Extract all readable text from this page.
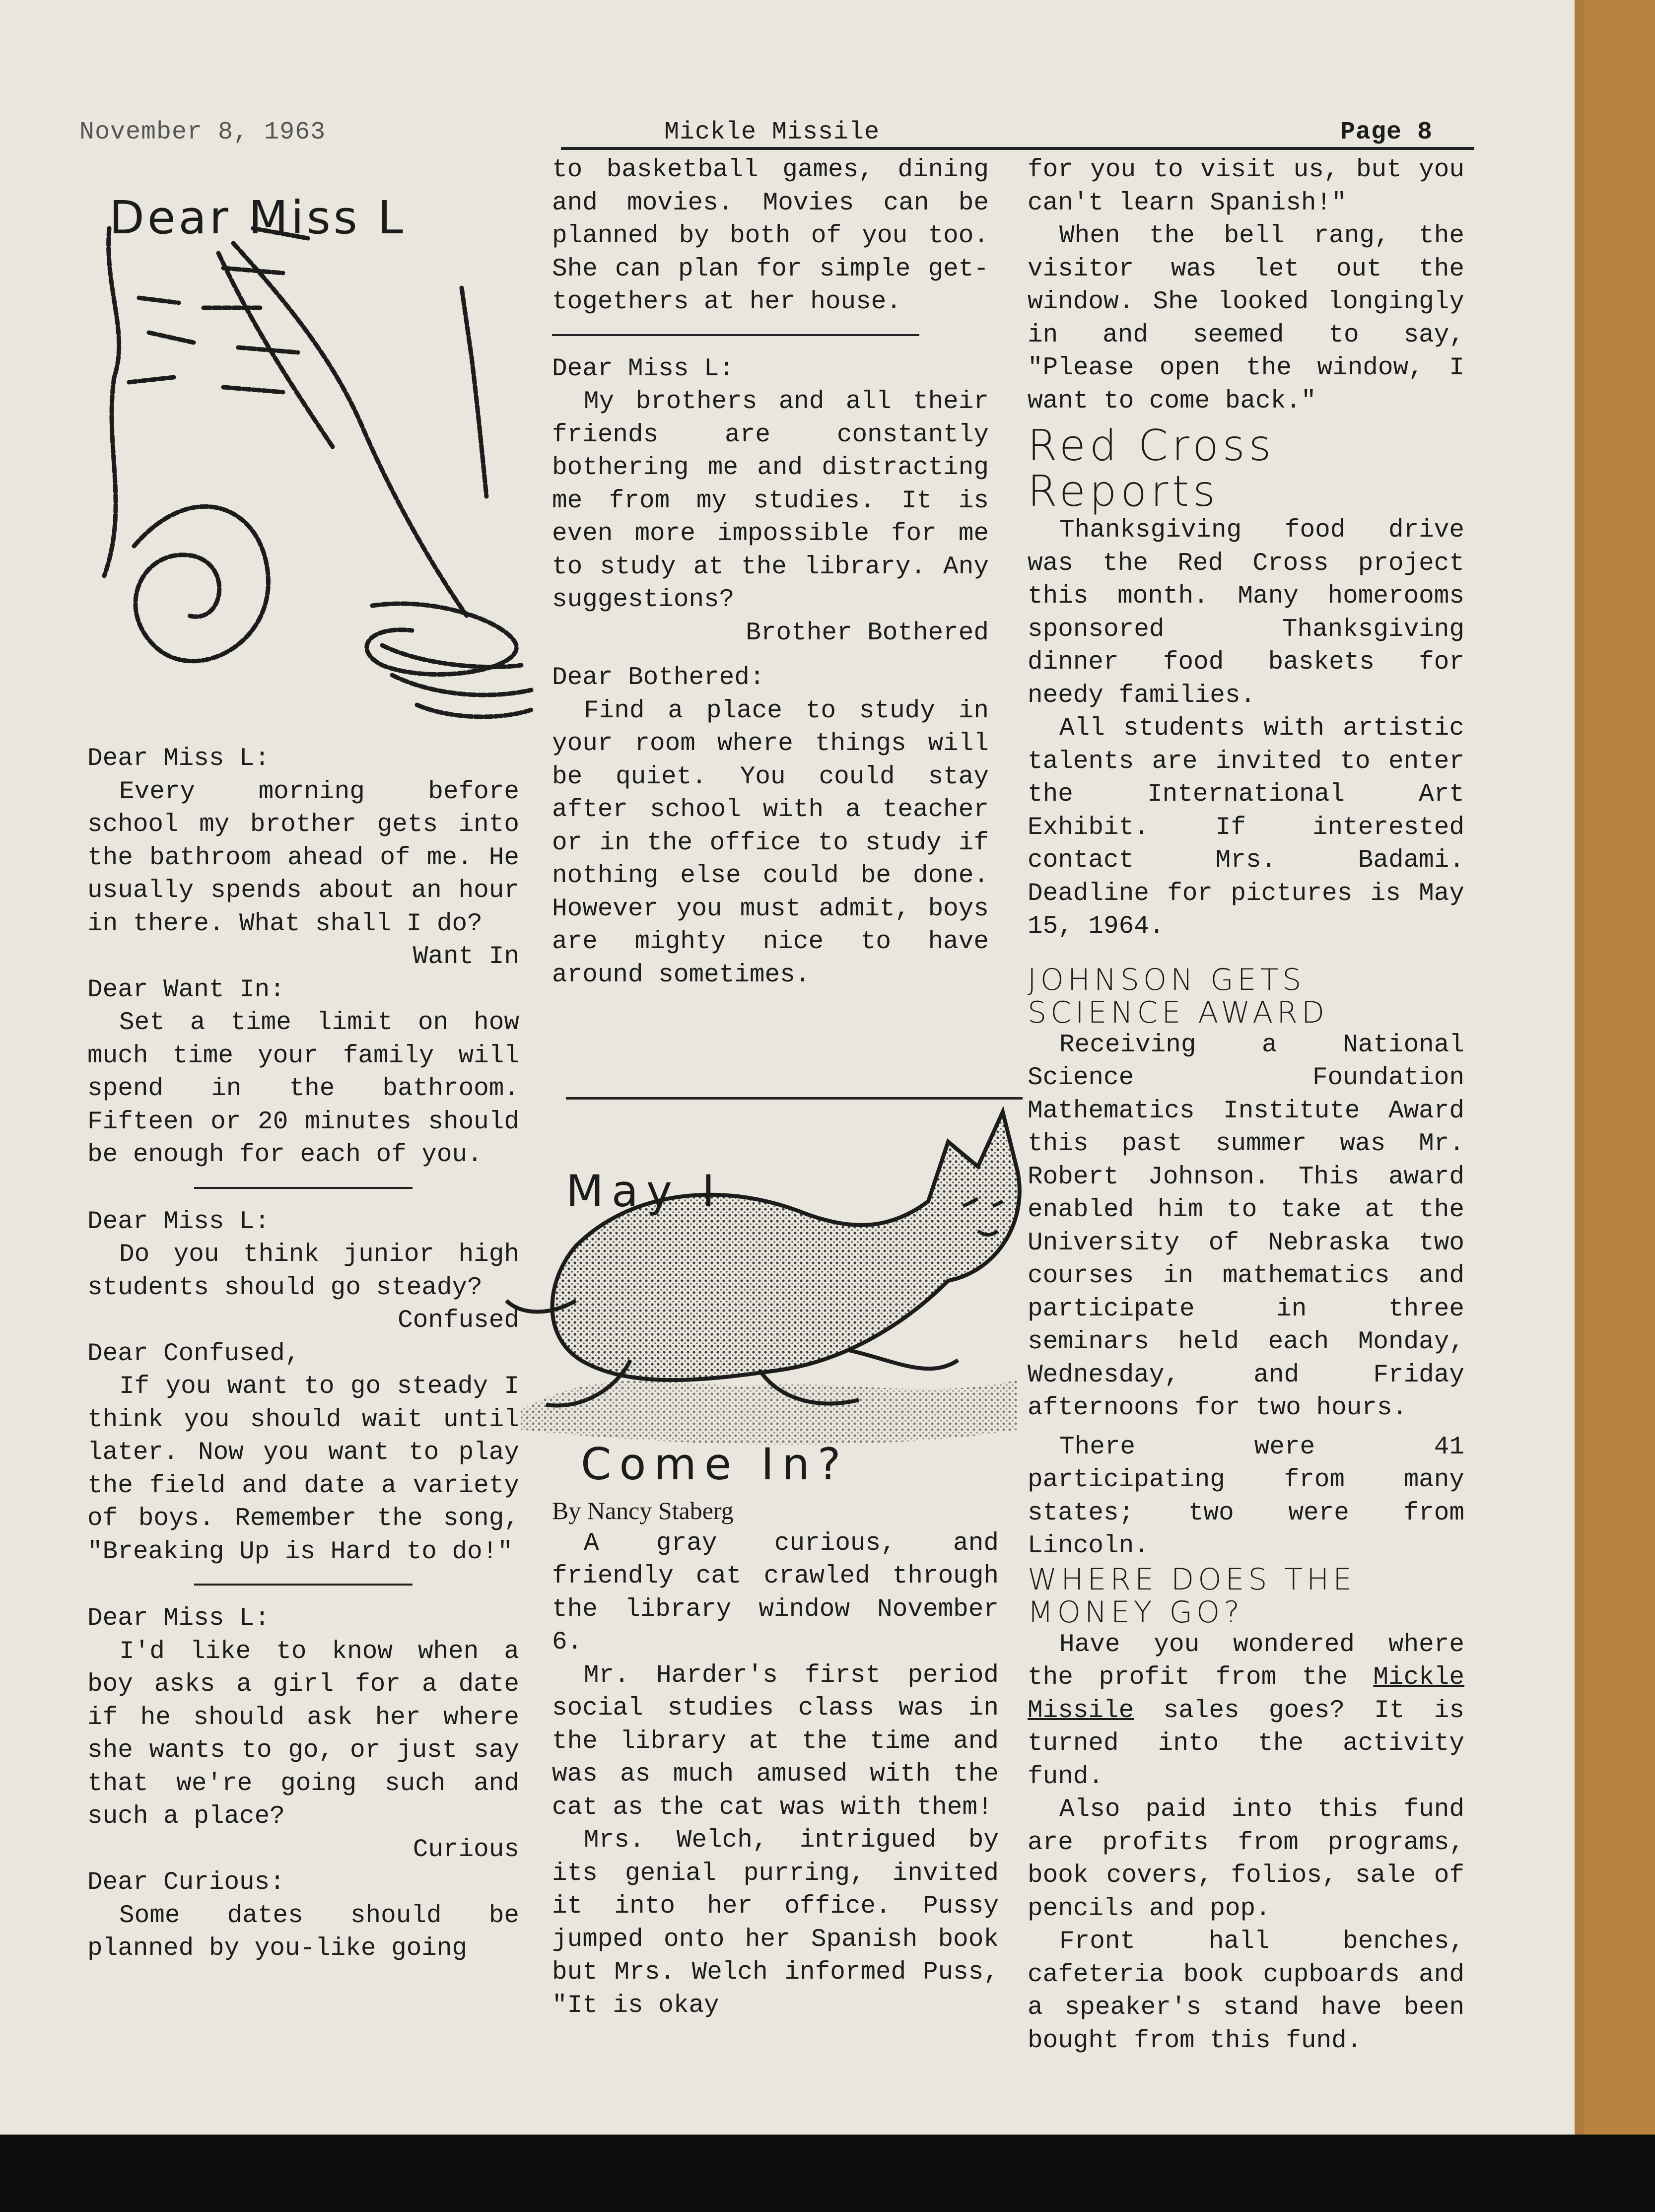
November 8, 1963	Mickle Missile	Page 8
Dear Miss L

Dear Miss L:

Every morning before school my brother gets into the bathroom ahead of me. He usually spends about an hour in there. What shall I do?

Want In

Dear Want In:

Set a time limit on how much time your family will spend in the bathroom. Fifteen or 20 minutes should be enough for each of you.

Dear Miss L:

Do you think junior high students should go steady?

Confused

Dear Confused,

If you want to go steady I think you should wait until later. Now you want to play the field and date a variety of boys. Remember the song, "Breaking Up is Hard to do!"

Dear Miss L:

I'd like to know when a boy asks a girl for a date if he should ask her where she wants to go, or just say that we're going such and such a place?

Curious

Dear Curious:

Some dates should be planned by you-like going

to basketball games, dining and movies. Movies can be planned by both of you too. She can plan for simple get-togethers at her house.

Dear Miss L:

My brothers and all their friends are constantly bothering me and distracting me from my studies. It is even more impossible for me to study at the library. Any suggestions?

Brother Bothered

Dear Bothered:

Find a place to study in your room where things will be quiet. You could stay after school with a teacher or in the office to study if nothing else could be done. However you must admit, boys are mighty nice to have around sometimes.

May I
Come In?

By Nancy Staberg

A gray curious, and friendly cat crawled through the library window November 6.

Mr. Harder's first period social studies class was in the library at the time and was as much amused with the cat as the cat was with them!

Mrs. Welch, intrigued by its genial purring, invited it into her office. Pussy jumped onto her Spanish book but Mrs. Welch informed Puss, "It is okay

for you to visit us, but you can't learn Spanish!"

When the bell rang, the visitor was let out the window. She looked longingly in and seemed to say, "Please open the window, I want to come back."

Red Cross

Reports

Thanksgiving food drive was the Red Cross project this month. Many homerooms sponsored Thanksgiving dinner food baskets for needy families.

All students with artistic talents are invited to enter the International Art Exhibit. If interested contact Mrs. Badami. Deadline for pictures is May 15, 1964.

JOHNSON GETS

SCIENCE AWARD

Receiving a National Science Foundation Mathematics Institute Award this past summer was Mr. Robert Johnson. This award enabled him to take at the University of Nebraska two courses in mathematics and participate in three seminars held each Monday, Wednesday, and Friday afternoons for two hours.

There were 41 participating from many states; two were from Lincoln.

WHERE DOES THE

MONEY GO?

Have you wondered where the profit from the Mickle Missile sales goes? It is turned into the activity fund.

Also paid into this fund are profits from programs, book covers, folios, sale of pencils and pop.

Front hall benches, cafeteria book cupboards and a speaker's stand have been bought from this fund.
